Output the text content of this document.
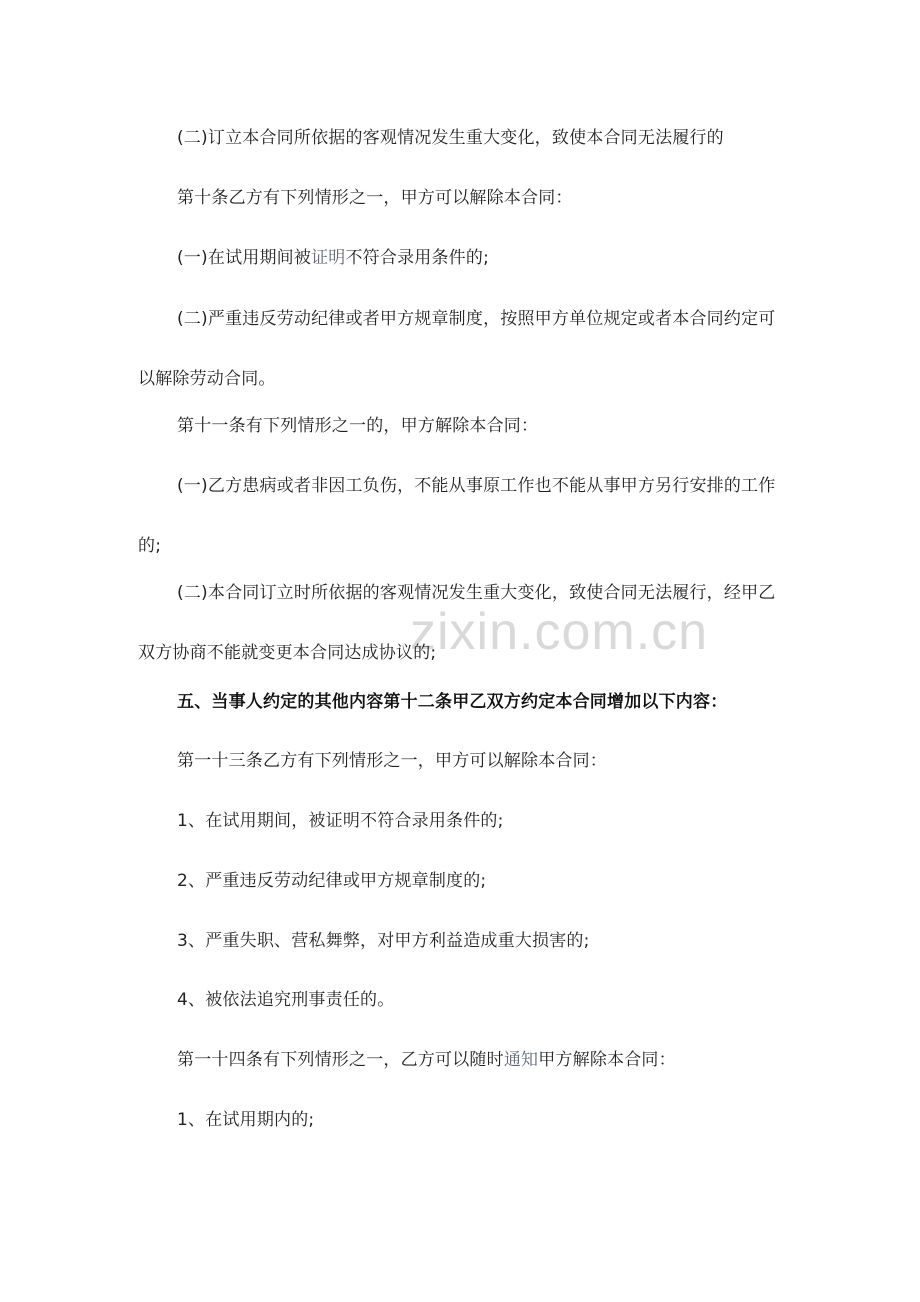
zixin.com.cn

(二)订立本合同所依据的客观情况发生重大变化，致使本合同无法履行的

第十条乙方有下列情形之一，甲方可以解除本合同：

(一)在试用期间被证明不符合录用条件的;

(二)严重违反劳动纪律或者甲方规章制度，按照甲方单位规定或者本合同约定可以解除劳动合同。

第十一条有下列情形之一的，甲方解除本合同：

(一)乙方患病或者非因工负伤，不能从事原工作也不能从事甲方另行安排的工作的;

(二)本合同订立时所依据的客观情况发生重大变化，致使合同无法履行，经甲乙双方协商不能就变更本合同达成协议的;

五、当事人约定的其他内容第十二条甲乙双方约定本合同增加以下内容：

第一十三条乙方有下列情形之一，甲方可以解除本合同：

1、在试用期间，被证明不符合录用条件的;

2、严重违反劳动纪律或甲方规章制度的;

3、严重失职、营私舞弊，对甲方利益造成重大损害的;

4、被依法追究刑事责任的。

第一十四条有下列情形之一，乙方可以随时通知甲方解除本合同：

1、在试用期内的;
